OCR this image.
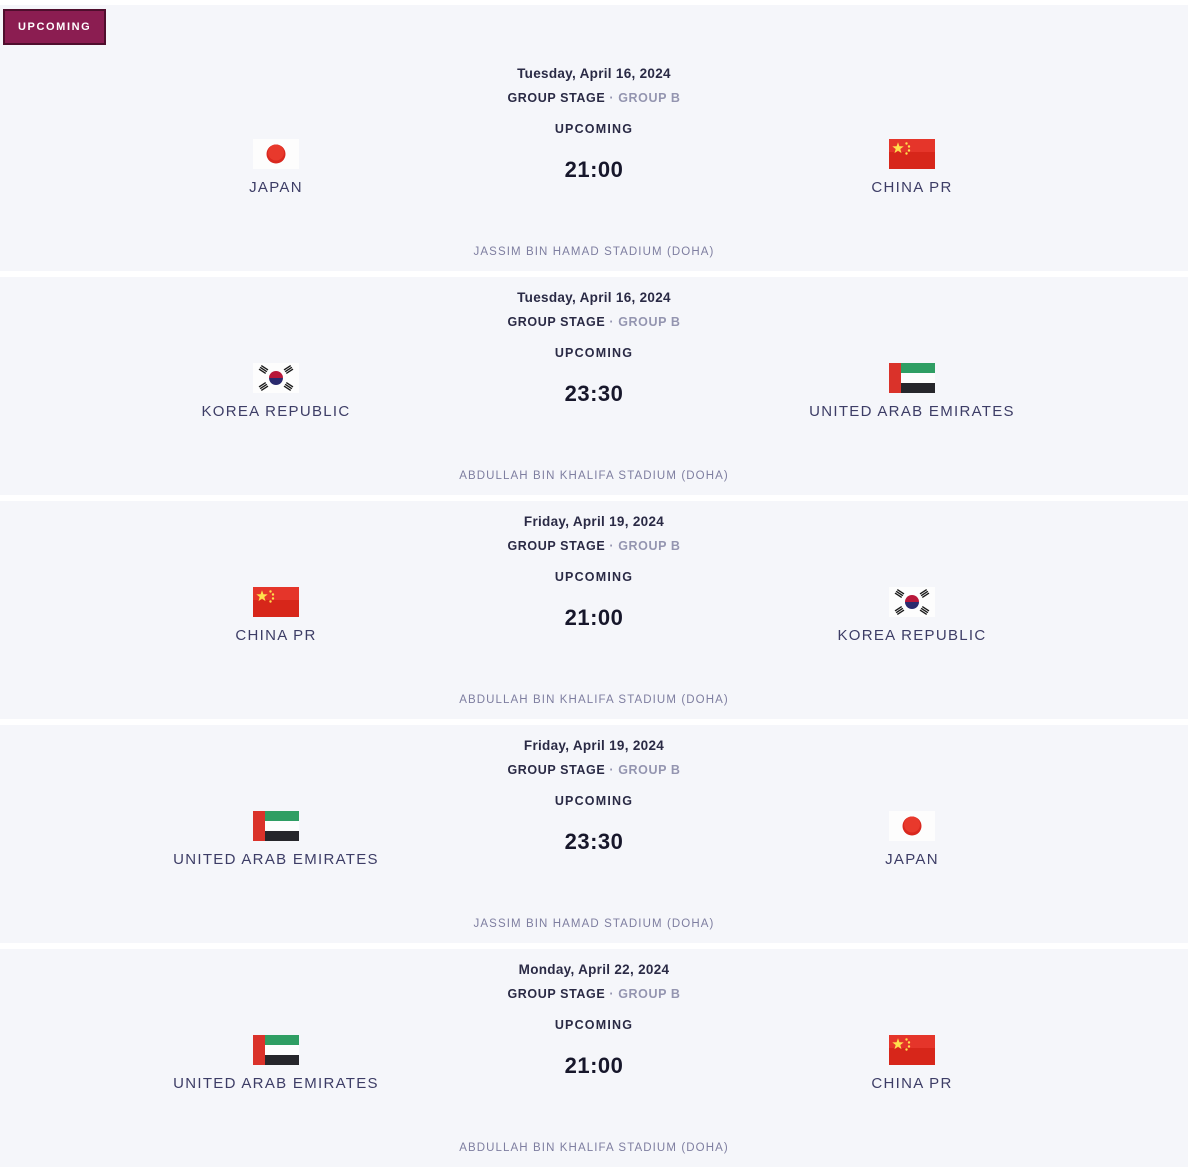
UPCOMING
Tuesday, April 16, 2024
GROUP STAGE · GROUP B
UPCOMING
21:00
JAPAN	CHINA PR
JASSIM BIN HAMAD STADIUM (DOHA)
Tuesday, April 16, 2024
GROUP STAGE · GROUP B
UPCOMING
23:30
KOREA REPUBLIC	UNITED ARAB EMIRATES
ABDULLAH BIN KHALIFA STADIUM (DOHA)
Friday, April 19, 2024
GROUP STAGE · GROUP B
UPCOMING
21:00
CHINA PR	KOREA REPUBLIC
ABDULLAH BIN KHALIFA STADIUM (DOHA)
Friday, April 19, 2024
GROUP STAGE · GROUP B
UPCOMING
23:30
UNITED ARAB EMIRATES	JAPAN
JASSIM BIN HAMAD STADIUM (DOHA)
Monday, April 22, 2024
GROUP STAGE · GROUP B
UPCOMING
21:00
UNITED ARAB EMIRATES	CHINA PR
ABDULLAH BIN KHALIFA STADIUM (DOHA)
